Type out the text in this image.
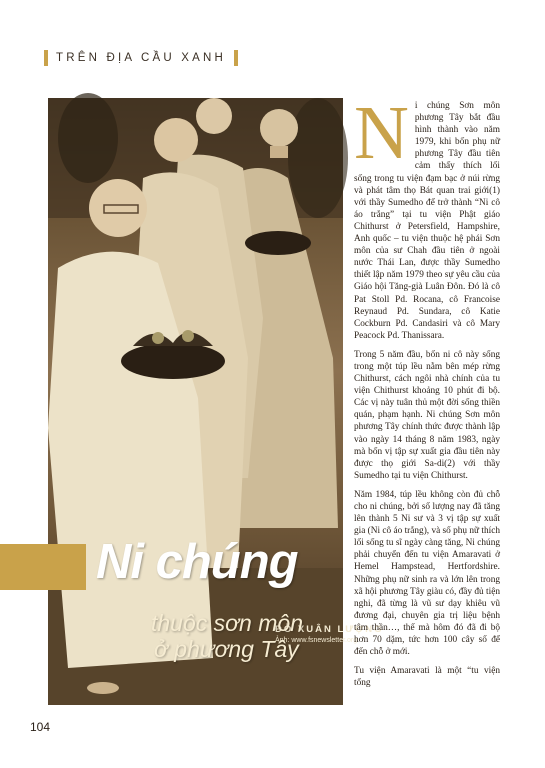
TRÊN ĐỊA CẦU XANH
ĐỖ XUÂN LƯỢNG
Ảnh: www.fsnewsletter.org
Ni chúng
thuộc sơn môn
ở phương Tây

Ni chúng Sơn môn phương Tây bắt đầu hình thành vào năm 1979, khi bốn phụ nữ phương Tây đầu tiên cảm thấy thích lối sống trong tu viện đạm bạc ở núi rừng và phát tâm thọ Bát quan trai giới(1) với thầy Sumedho để trở thành “Ni cô áo trắng” tại tu viện Phật giáo Chithurst ở Petersfield, Hampshire, Anh quốc – tu viện thuộc hệ phái Sơn môn của sư Chah đầu tiên ở ngoài nước Thái Lan, được thầy Sumedho thiết lập năm 1979 theo sự yêu cầu của Giáo hội Tăng-già Luân Đôn. Đó là cô Pat Stoll Pd. Rocana, cô Francoise Reynaud Pd. Sundara, cô Katie Cockburn Pd. Candasiri và cô Mary Peacock Pd. Thanissara.

Trong 5 năm đầu, bốn ni cô này sống trong một túp lều nằm bên mép rừng Chithurst, cách ngôi nhà chính của tu viện Chithurst khoảng 10 phút đi bộ. Các vị này tuân thủ một đời sống thiền quán, phạm hạnh. Ni chúng Sơn môn phương Tây chính thức được thành lập vào ngày 14 tháng 8 năm 1983, ngày mà bốn vị tập sự xuất gia đầu tiên này được thọ giới Sa-di(2) với thầy Sumedho tại tu viện Chithurst.

Năm 1984, túp lều không còn đủ chỗ cho ni chúng, bởi số lượng nay đã tăng lên thành 5 Ni sư và 3 vị tập sự xuất gia (Ni cô áo trắng), và số phụ nữ thích lối sống tu sĩ ngày càng tăng, Ni chúng phải chuyển đến tu viện Amaravati ở Hemel Hampstead, Hertfordshire. Những phụ nữ sinh ra và lớn lên trong xã hội phương Tây giàu có, đầy đủ tiện nghi, đã từng là vũ sư dạy khiêu vũ đương đại, chuyên gia trị liệu bệnh tâm thần…, thế mà hôm đó đã đi bộ hơn 70 dặm, tức hơn 100 cây số để đến chỗ ở mới.

Tu viện Amaravati là một “tu viện tổng

104
